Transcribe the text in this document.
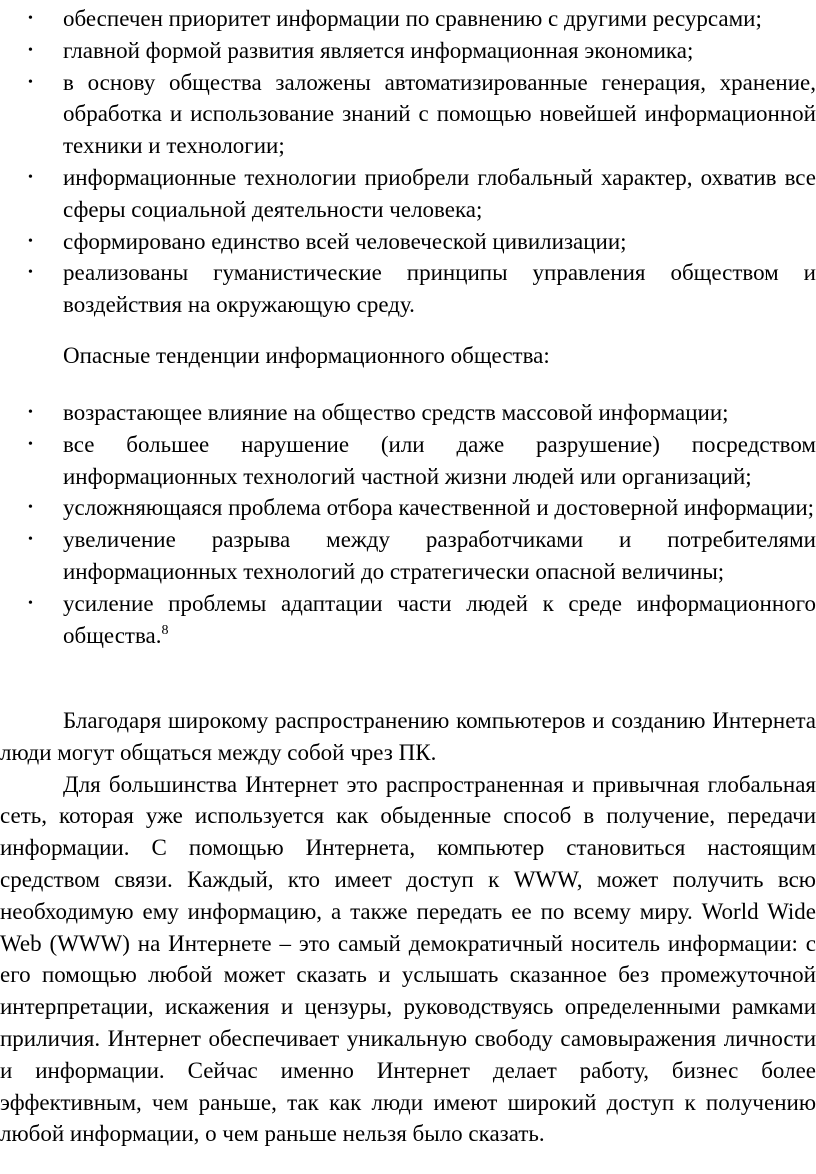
• обеспечен приоритет информации по сравнению с другими ресурсами;
• главной формой развития является информационная экономика;
• в основу общества заложены автоматизированные генерация, хранение, обработка и использование знаний с помощью новейшей информационной техники и технологии;
• информационные технологии приобрели глобальный характер, охватив все сферы социальной деятельности человека;
• сформировано единство всей человеческой цивилизации;
• реализованы гуманистические принципы управления обществом и воздействия на окружающую среду.
Опасные тенденции информационного общества:
• возрастающее влияние на общество средств массовой информации;
• все большее нарушение (или даже разрушение) посредством информационных технологий частной жизни людей или организаций;
• усложняющаяся проблема отбора качественной и достоверной информации;
• увеличение разрыва между разработчиками и потребителями информационных технологий до стратегически опасной величины;
• усиление проблемы адаптации части людей к среде информационного общества.$^8$

Благодаря широкому распространению компьютеров и созданию Интернета люди могут общаться между собой чрез ПК.

Для большинства Интернет это распространенная и привычная глобальная сеть, которая уже используется как обыденные способ в получение, передачи информации. С помощью Интернета, компьютер становиться настоящим средством связи. Каждый, кто имеет доступ к WWW, может получить всю необходимую ему информацию, а также передать ее по всему миру. World Wide Web (WWW) на Интернете – это самый демократичный носитель информации: с его помощью любой может сказать и услышать сказанное без промежуточной интерпретации, искажения и цензуры, руководствуясь определенными рамками приличия. Интернет обеспечивает уникальную свободу самовыражения личности и информации. Сейчас именно Интернет делает работу, бизнес более эффективным, чем раньше, так как люди имеют широкий доступ к получению любой информации, о чем раньше нельзя было сказать.
